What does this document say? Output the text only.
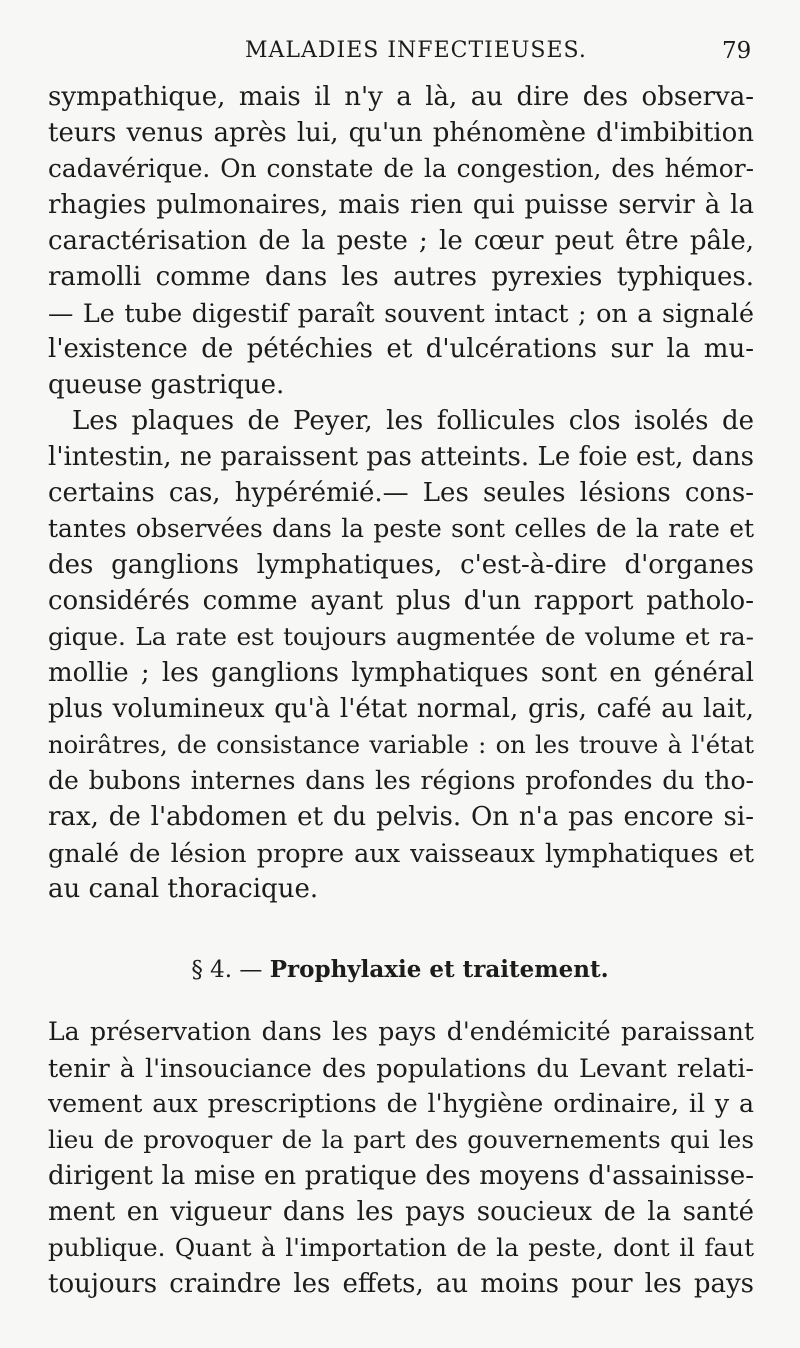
MALADIES INFECTIEUSES.	79
sympathique, mais il n'y a là, au dire des observa-
teurs venus après lui, qu'un phénomène d'imbibition
cadavérique. On constate de la congestion, des hémor-
rhagies pulmonaires, mais rien qui puisse servir à la
caractérisation de la peste ; le cœur peut être pâle,
ramolli comme dans les autres pyrexies typhiques.
— Le tube digestif paraît souvent intact ; on a signalé
l'existence de pétéchies et d'ulcérations sur la mu-
queuse gastrique.
Les plaques de Peyer, les follicules clos isolés de
l'intestin, ne paraissent pas atteints. Le foie est, dans
certains cas, hypérémié.— Les seules lésions cons-
tantes observées dans la peste sont celles de la rate et
des ganglions lymphatiques, c'est-à-dire d'organes
considérés comme ayant plus d'un rapport patholo-
gique. La rate est toujours augmentée de volume et ra-
mollie ; les ganglions lymphatiques sont en général
plus volumineux qu'à l'état normal, gris, café au lait,
noirâtres, de consistance variable : on les trouve à l'état
de bubons internes dans les régions profondes du tho-
rax, de l'abdomen et du pelvis. On n'a pas encore si-
gnalé de lésion propre aux vaisseaux lymphatiques et
au canal thoracique.
§ 4. — Prophylaxie et traitement.
La préservation dans les pays d'endémicité paraissant
tenir à l'insouciance des populations du Levant relati-
vement aux prescriptions de l'hygiène ordinaire, il y a
lieu de provoquer de la part des gouvernements qui les
dirigent la mise en pratique des moyens d'assainisse-
ment en vigueur dans les pays soucieux de la santé
publique. Quant à l'importation de la peste, dont il faut
toujours craindre les effets, au moins pour les pays
